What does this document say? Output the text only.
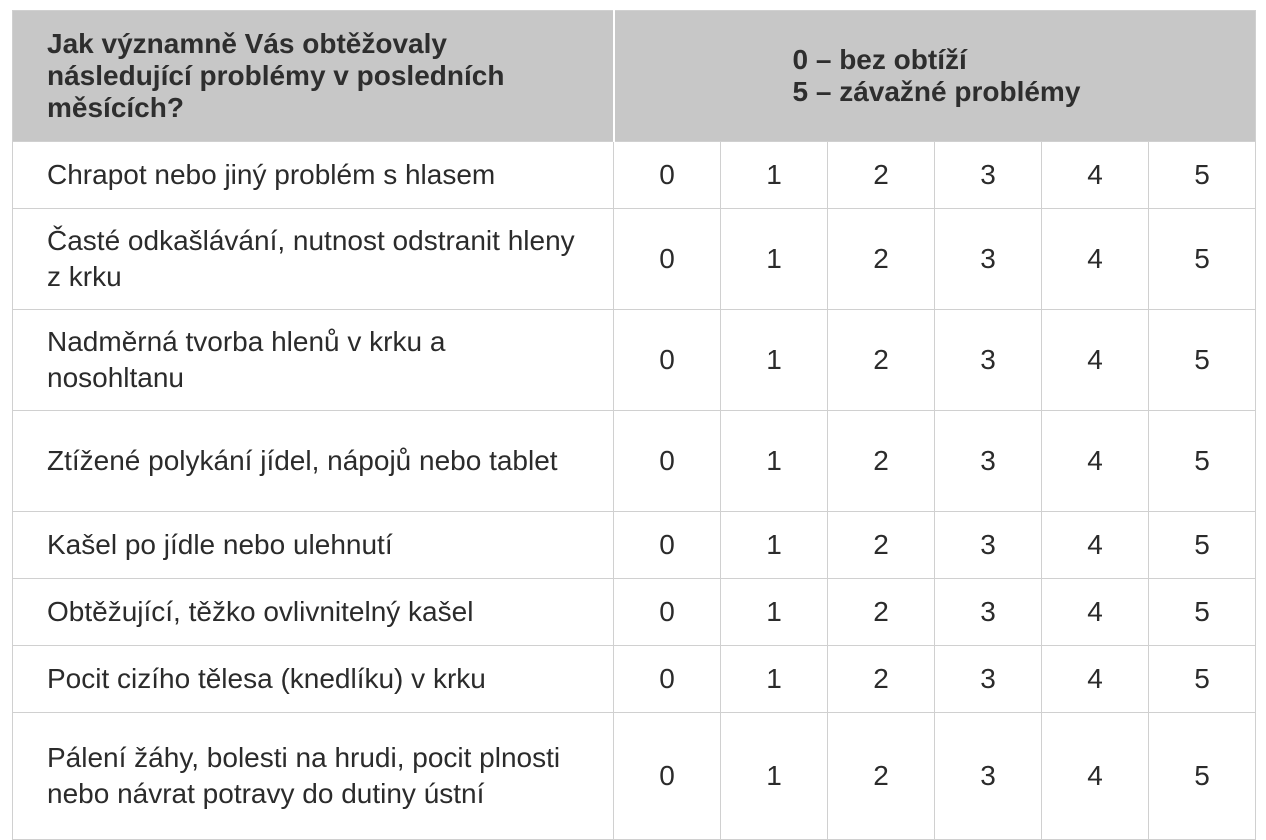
Jak významně Vás obtěžovaly následující problémy v posledních měsících?	0 – bez obtíží
5 – závažné problémy					

Chrapot nebo jiný problém s hlasem	0	1	2	3	4	5
Časté odkašlávání, nutnost odstranit hleny z krku	0	1	2	3	4	5
Nadměrná tvorba hlenů v krku a nosohltanu	0	1	2	3	4	5
Ztížené polykání jídel, nápojů nebo tablet	0	1	2	3	4	5
Kašel po jídle nebo ulehnutí	0	1	2	3	4	5
Obtěžující, těžko ovlivnitelný kašel	0	1	2	3	4	5
Pocit cizího tělesa (knedlíku) v krku	0	1	2	3	4	5
Pálení žáhy, bolesti na hrudi, pocit plnosti nebo návrat potravy do dutiny ústní	0	1	2	3	4	5
